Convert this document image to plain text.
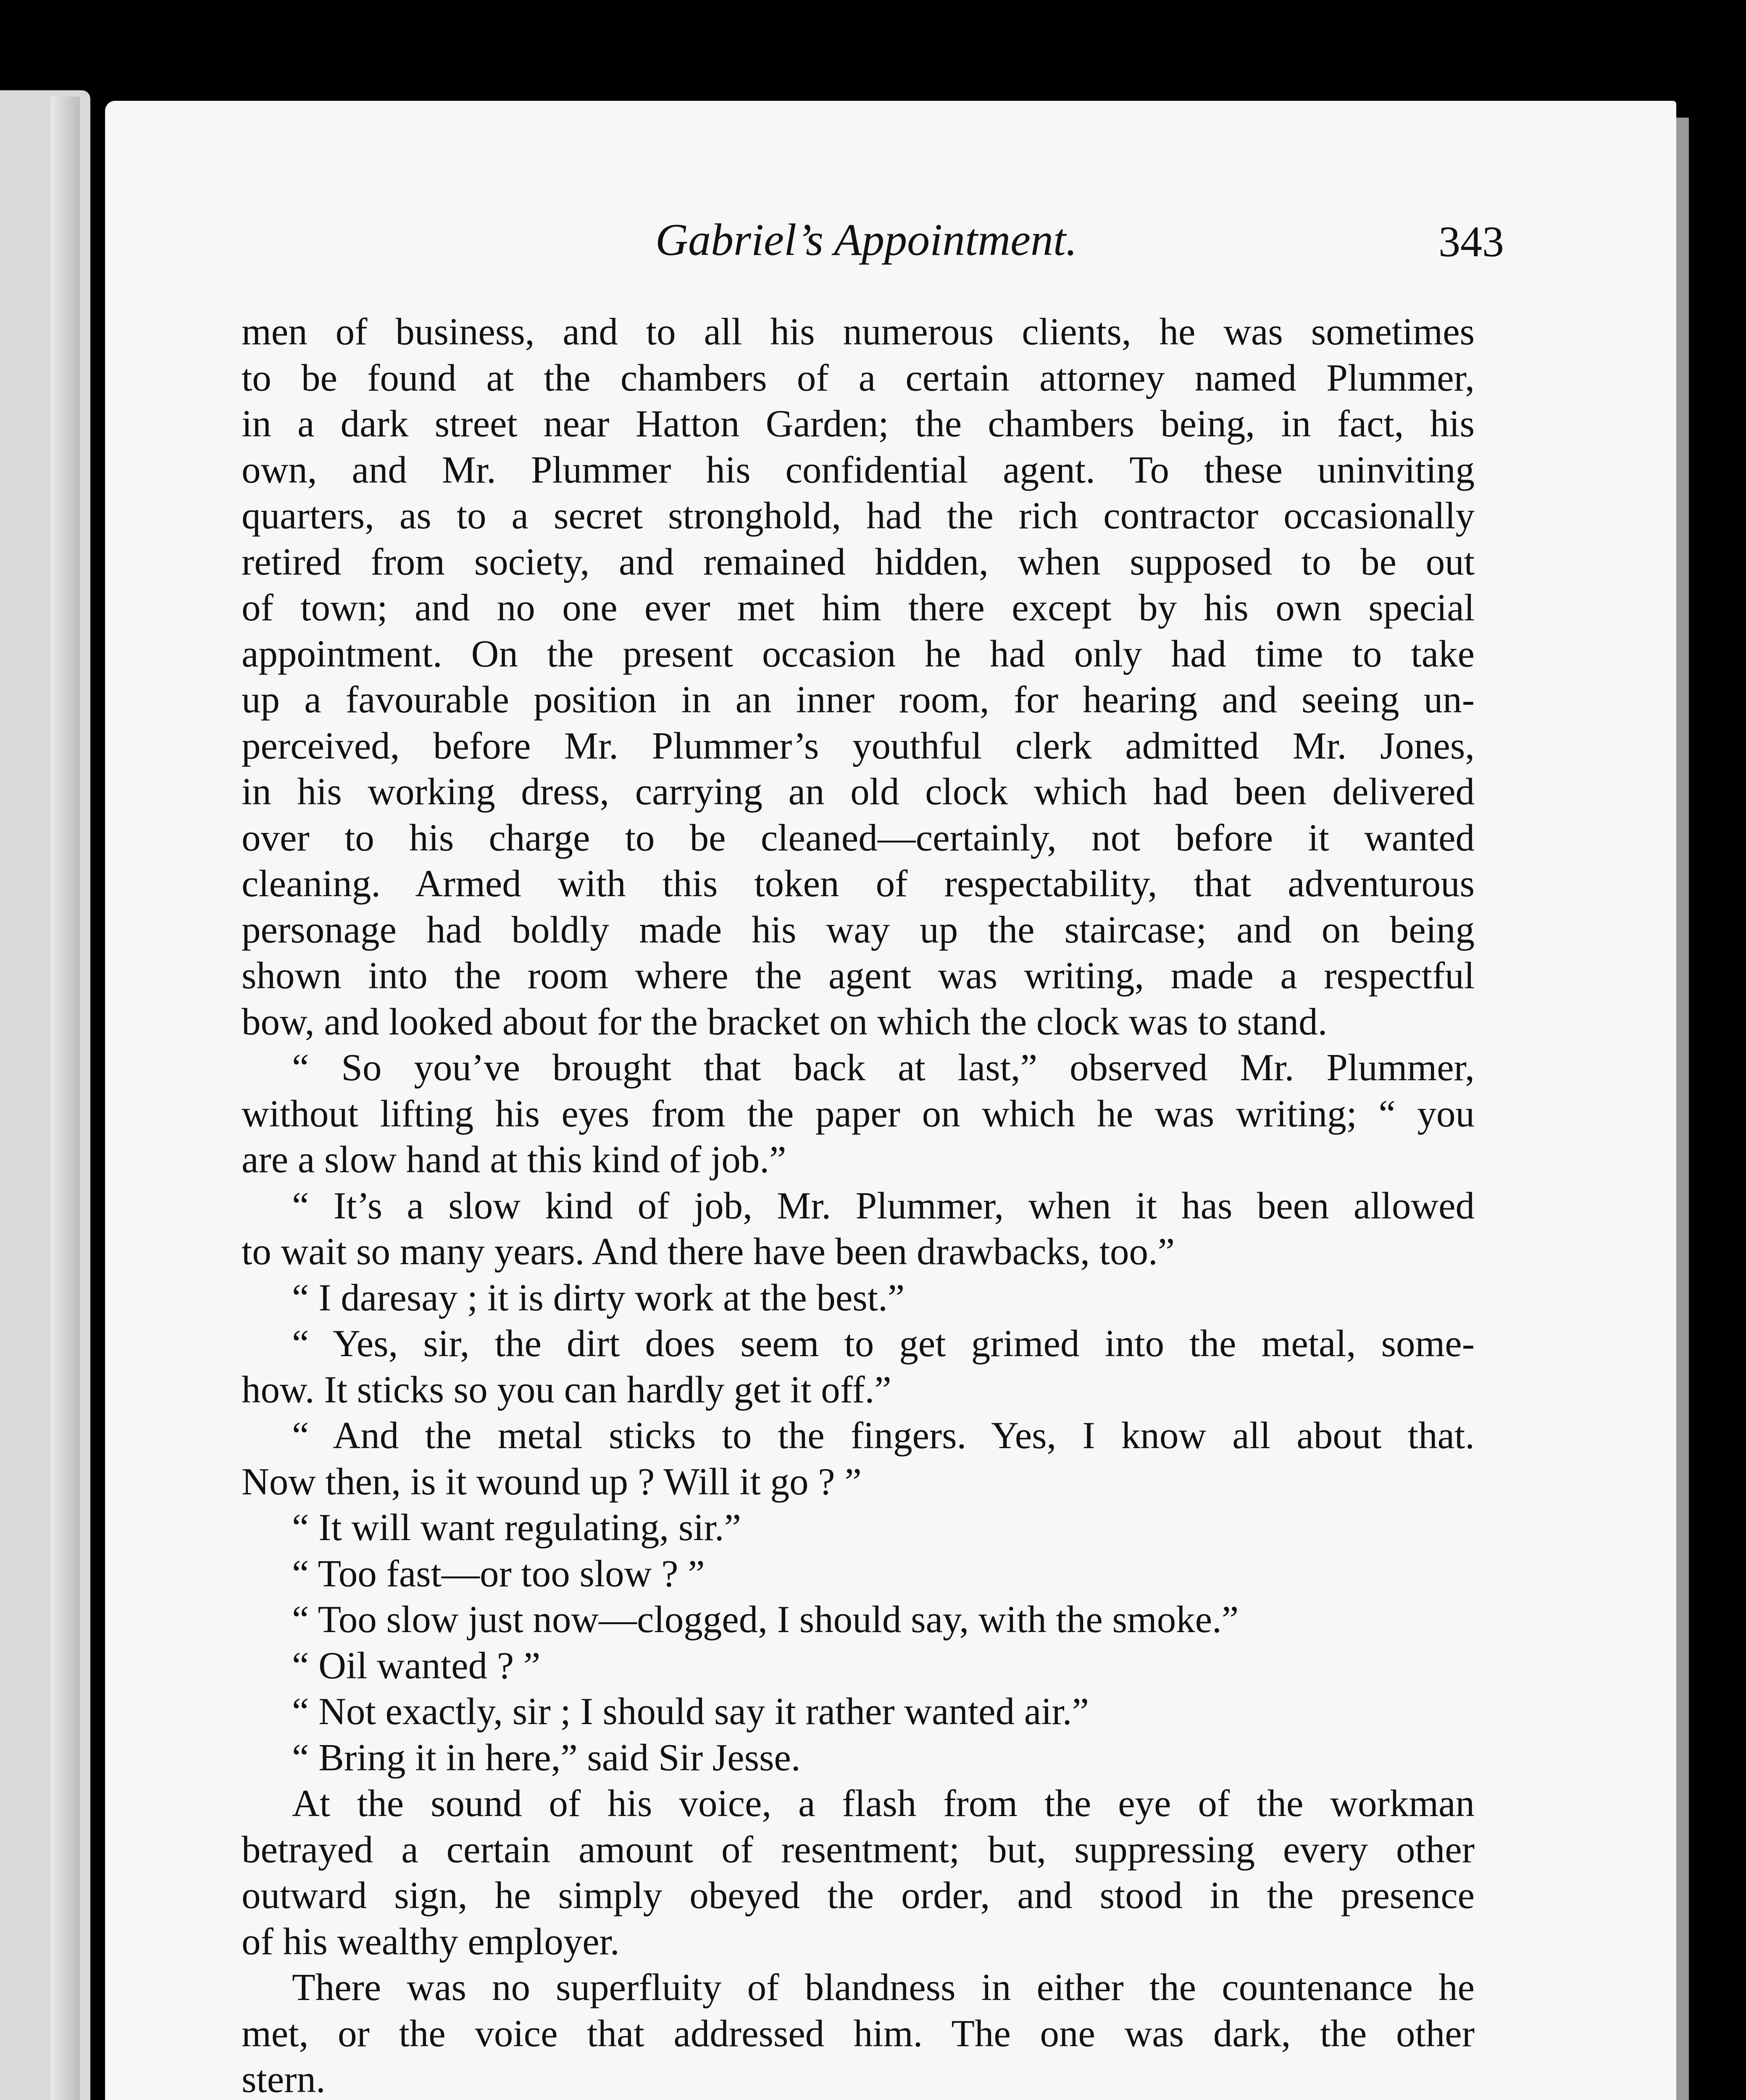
Gabriel’s Appointment.	343
men of business, and to all his numerous clients, he was sometimes
to be found at the chambers of a certain attorney named Plummer,
in a dark street near Hatton Garden; the chambers being, in fact, his
own, and Mr. Plummer his confidential agent. To these uninviting
quarters, as to a secret stronghold, had the rich contractor occasionally
retired from society, and remained hidden, when supposed to be out
of town; and no one ever met him there except by his own special
appointment. On the present occasion he had only had time to take
up a favourable position in an inner room, for hearing and seeing un-
perceived, before Mr. Plummer’s youthful clerk admitted Mr. Jones,
in his working dress, carrying an old clock which had been delivered
over to his charge to be cleaned—certainly, not before it wanted
cleaning. Armed with this token of respectability, that adventurous
personage had boldly made his way up the staircase; and on being
shown into the room where the agent was writing, made a respectful
bow, and looked about for the bracket on which the clock was to stand.
“ So you’ve brought that back at last,” observed Mr. Plummer,
without lifting his eyes from the paper on which he was writing; “ you
are a slow hand at this kind of job.”
“ It’s a slow kind of job, Mr. Plummer, when it has been allowed
to wait so many years. And there have been drawbacks, too.”
“ I daresay ; it is dirty work at the best.”
“ Yes, sir, the dirt does seem to get grimed into the metal, some-
how. It sticks so you can hardly get it off.”
“ And the metal sticks to the fingers. Yes, I know all about that.
Now then, is it wound up ? Will it go ? ”
“ It will want regulating, sir.”
“ Too fast—or too slow ? ”
“ Too slow just now—clogged, I should say, with the smoke.”
“ Oil wanted ? ”
“ Not exactly, sir ; I should say it rather wanted air.”
“ Bring it in here,” said Sir Jesse.
At the sound of his voice, a flash from the eye of the workman
betrayed a certain amount of resentment; but, suppressing every other
outward sign, he simply obeyed the order, and stood in the presence
of his wealthy employer.
There was no superfluity of blandness in either the countenance he
met, or the voice that addressed him. The one was dark, the other
stern.
